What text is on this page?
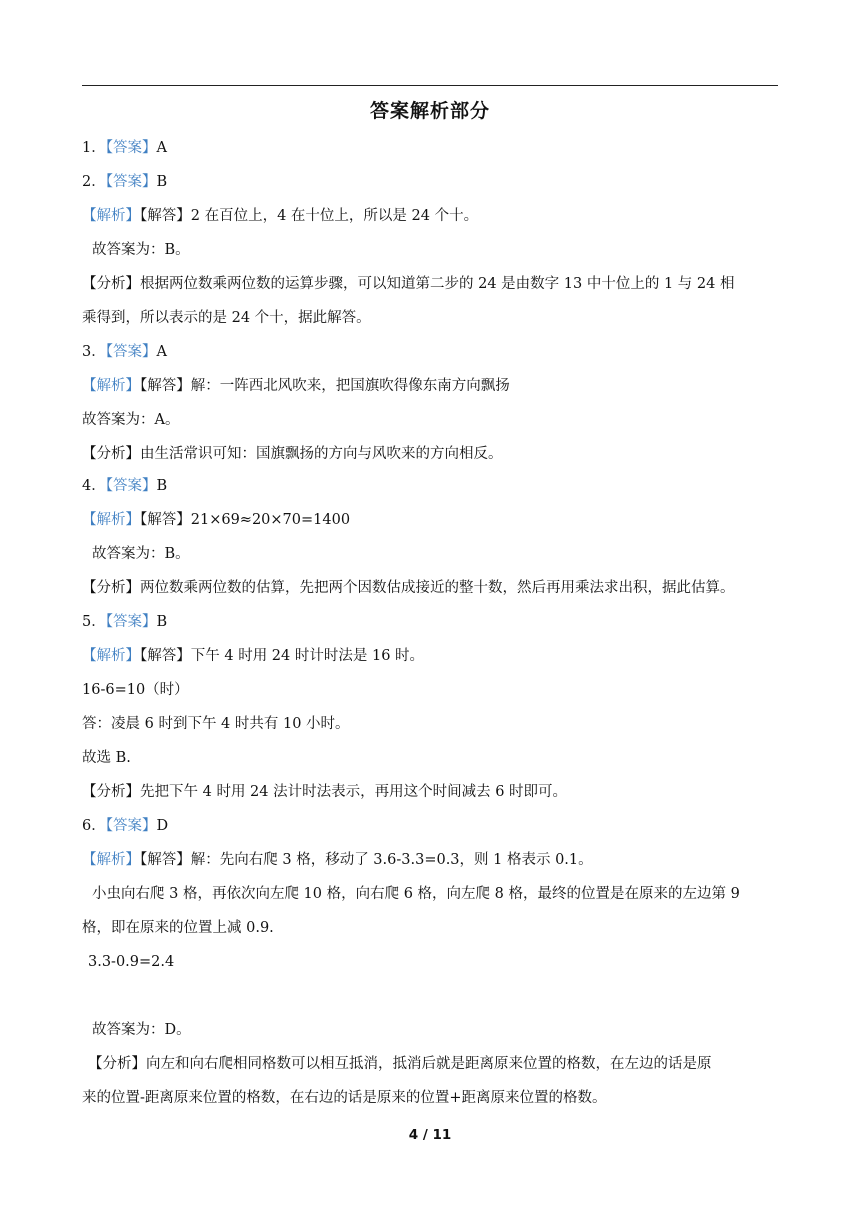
答案解析部分
1．【答案】A
2．【答案】B
【解析】【解答】2 在百位上，4 在十位上，所以是 24 个十。
故答案为：B。
【分析】根据两位数乘两位数的运算步骤，可以知道第二步的 24 是由数字 13 中十位上的 1 与 24 相
乘得到，所以表示的是 24 个十，据此解答。
3．【答案】A
【解析】【解答】解：一阵西北风吹来，把国旗吹得像东南方向飘扬
故答案为：A。
【分析】由生活常识可知：国旗飘扬的方向与风吹来的方向相反。
4．【答案】B
【解析】【解答】21×69≈20×70=1400
故答案为：B。
【分析】两位数乘两位数的估算，先把两个因数估成接近的整十数，然后再用乘法求出积，据此估算。
5．【答案】B
【解析】【解答】下午 4 时用 24 时计时法是 16 时。
16-6=10（时）
答：凌晨 6 时到下午 4 时共有 10 小时。
故选 B.
【分析】先把下午 4 时用 24 法计时法表示，再用这个时间减去 6 时即可。
6．【答案】D
【解析】【解答】解：先向右爬 3 格，移动了 3.6-3.3=0.3，则 1 格表示 0.1。
小虫向右爬 3 格，再依次向左爬 10 格，向右爬 6 格，向左爬 8 格，最终的位置是在原来的左边第 9
格，即在原来的位置上减 0.9.
3.3-0.9=2.4
故答案为：D。
【分析】向左和向右爬相同格数可以相互抵消，抵消后就是距离原来位置的格数，在左边的话是原
来的位置-距离原来位置的格数，在右边的话是原来的位置+距离原来位置的格数。
4 / 11
